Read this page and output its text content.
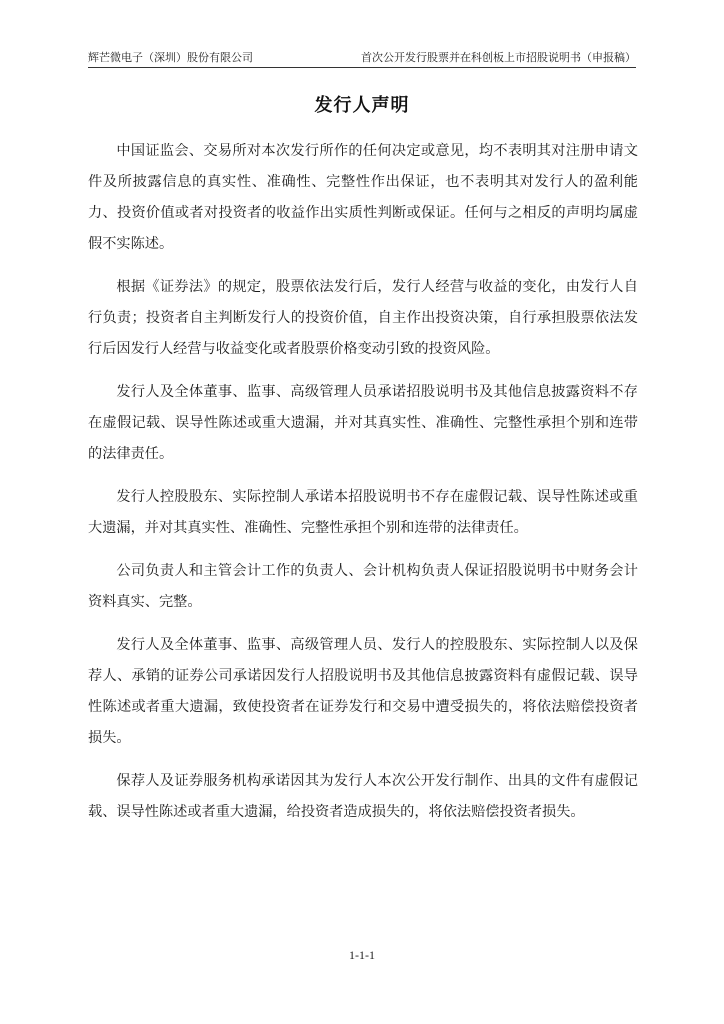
辉芒微电子（深圳）股份有限公司	首次公开发行股票并在科创板上市招股说明书（申报稿）
发行人声明

中国证监会、交易所对本次发行所作的任何决定或意见，均不表明其对注册申请文件及所披露信息的真实性、准确性、完整性作出保证，也不表明其对发行人的盈利能力、投资价值或者对投资者的收益作出实质性判断或保证。任何与之相反的声明均属虚假不实陈述。

根据《证券法》的规定，股票依法发行后，发行人经营与收益的变化，由发行人自行负责；投资者自主判断发行人的投资价值，自主作出投资决策，自行承担股票依法发行后因发行人经营与收益变化或者股票价格变动引致的投资风险。

发行人及全体董事、监事、高级管理人员承诺招股说明书及其他信息披露资料不存在虚假记载、误导性陈述或重大遗漏，并对其真实性、准确性、完整性承担个别和连带的法律责任。

发行人控股股东、实际控制人承诺本招股说明书不存在虚假记载、误导性陈述或重大遗漏，并对其真实性、准确性、完整性承担个别和连带的法律责任。

公司负责人和主管会计工作的负责人、会计机构负责人保证招股说明书中财务会计资料真实、完整。

发行人及全体董事、监事、高级管理人员、发行人的控股股东、实际控制人以及保荐人、承销的证券公司承诺因发行人招股说明书及其他信息披露资料有虚假记载、误导性陈述或者重大遗漏，致使投资者在证券发行和交易中遭受损失的，将依法赔偿投资者损失。

保荐人及证券服务机构承诺因其为发行人本次公开发行制作、出具的文件有虚假记载、误导性陈述或者重大遗漏，给投资者造成损失的，将依法赔偿投资者损失。

1-1-1
